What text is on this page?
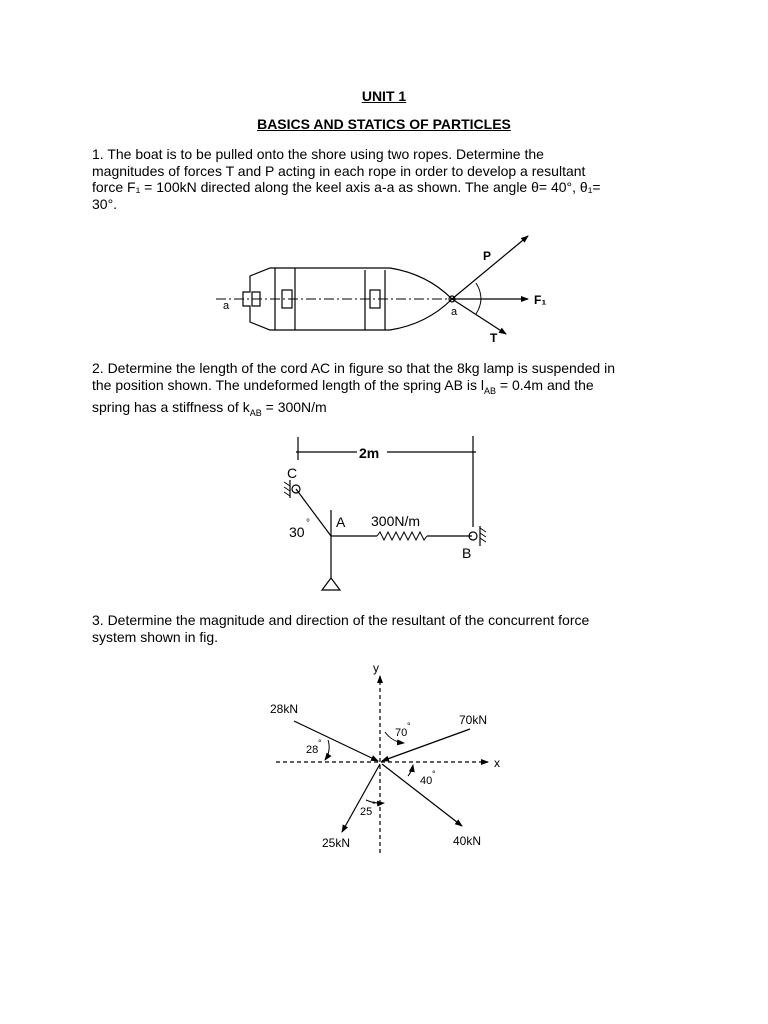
UNIT 1
BASICS AND STATICS OF PARTICLES
1. The boat is to be pulled onto the shore using two ropes. Determine the
magnitudes of forces T and P acting in each rope in order to develop a resultant
force F₁ = 100kN directed along the keel axis a-a as shown. The angle θ= 40°, θ₁=
30°.
2. Determine the length of the cord AC in figure so that the 8kg lamp is suspended in
the position shown. The undeformed length of the spring AB is $l_{AB} = 0.4m$ and the
spring has a stiffness of $k_{AB} = 300N/m$
3. Determine the magnitude and direction of the resultant of the concurrent force
system shown in fig.
a	a
P
T
F₁
2m
C
A
B
30
°	300N/m
y
x
28kN
70kN
25kN	40kN
28
°
70
°
40
°
25
°
